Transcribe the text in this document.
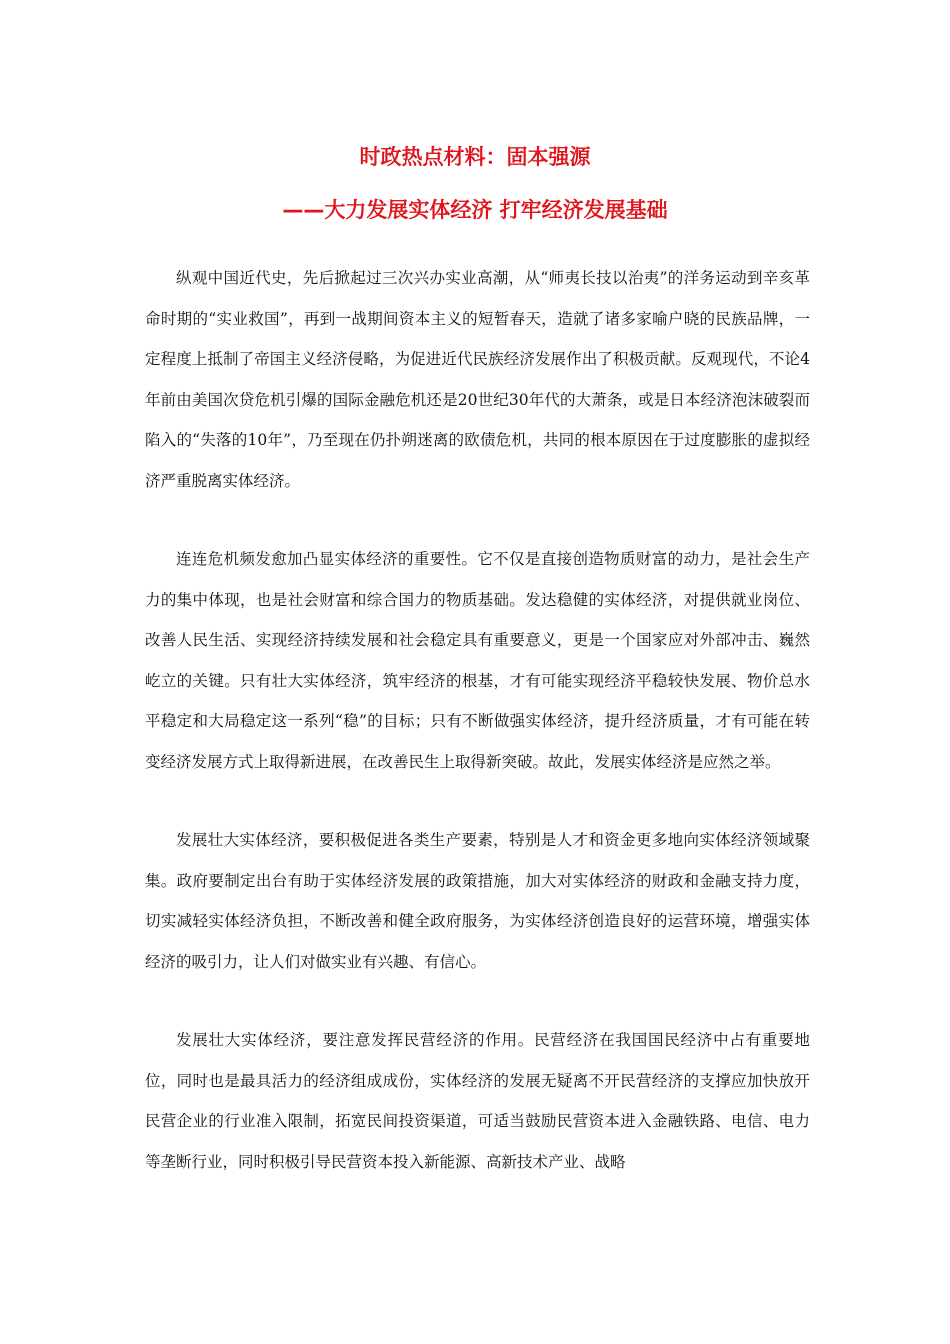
时政热点材料：固本强源
——大力发展实体经济 打牢经济发展基础

纵观中国近代史，先后掀起过三次兴办实业高潮，从“师夷长技以治夷”的洋务运动到辛亥革命时期的“实业救国”，再到一战期间资本主义的短暂春天，造就了诸多家喻户晓的民族品牌，一定程度上抵制了帝国主义经济侵略，为促进近代民族经济发展作出了积极贡献。反观现代，不论4年前由美国次贷危机引爆的国际金融危机还是20世纪30年代的大萧条，或是日本经济泡沫破裂而陷入的“失落的10年”，乃至现在仍扑朔迷离的欧债危机，共同的根本原因在于过度膨胀的虚拟经济严重脱离实体经济。

连连危机频发愈加凸显实体经济的重要性。它不仅是直接创造物质财富的动力，是社会生产力的集中体现，也是社会财富和综合国力的物质基础。发达稳健的实体经济，对提供就业岗位、改善人民生活、实现经济持续发展和社会稳定具有重要意义，更是一个国家应对外部冲击、巍然屹立的关键。只有壮大实体经济，筑牢经济的根基，才有可能实现经济平稳较快发展、物价总水平稳定和大局稳定这一系列“稳”的目标；只有不断做强实体经济，提升经济质量，才有可能在转变经济发展方式上取得新进展，在改善民生上取得新突破。故此，发展实体经济是应然之举。

发展壮大实体经济，要积极促进各类生产要素，特别是人才和资金更多地向实体经济领域聚集。政府要制定出台有助于实体经济发展的政策措施，加大对实体经济的财政和金融支持力度，切实减轻实体经济负担，不断改善和健全政府服务，为实体经济创造良好的运营环境，增强实体经济的吸引力，让人们对做实业有兴趣、有信心。

发展壮大实体经济，要注意发挥民营经济的作用。民营经济在我国国民经济中占有重要地位，同时也是最具活力的经济组成成份，实体经济的发展无疑离不开民营经济的支撑应加快放开民营企业的行业准入限制，拓宽民间投资渠道，可适当鼓励民营资本进入金融铁路、电信、电力等垄断行业，同时积极引导民营资本投入新能源、高新技术产业、战略
